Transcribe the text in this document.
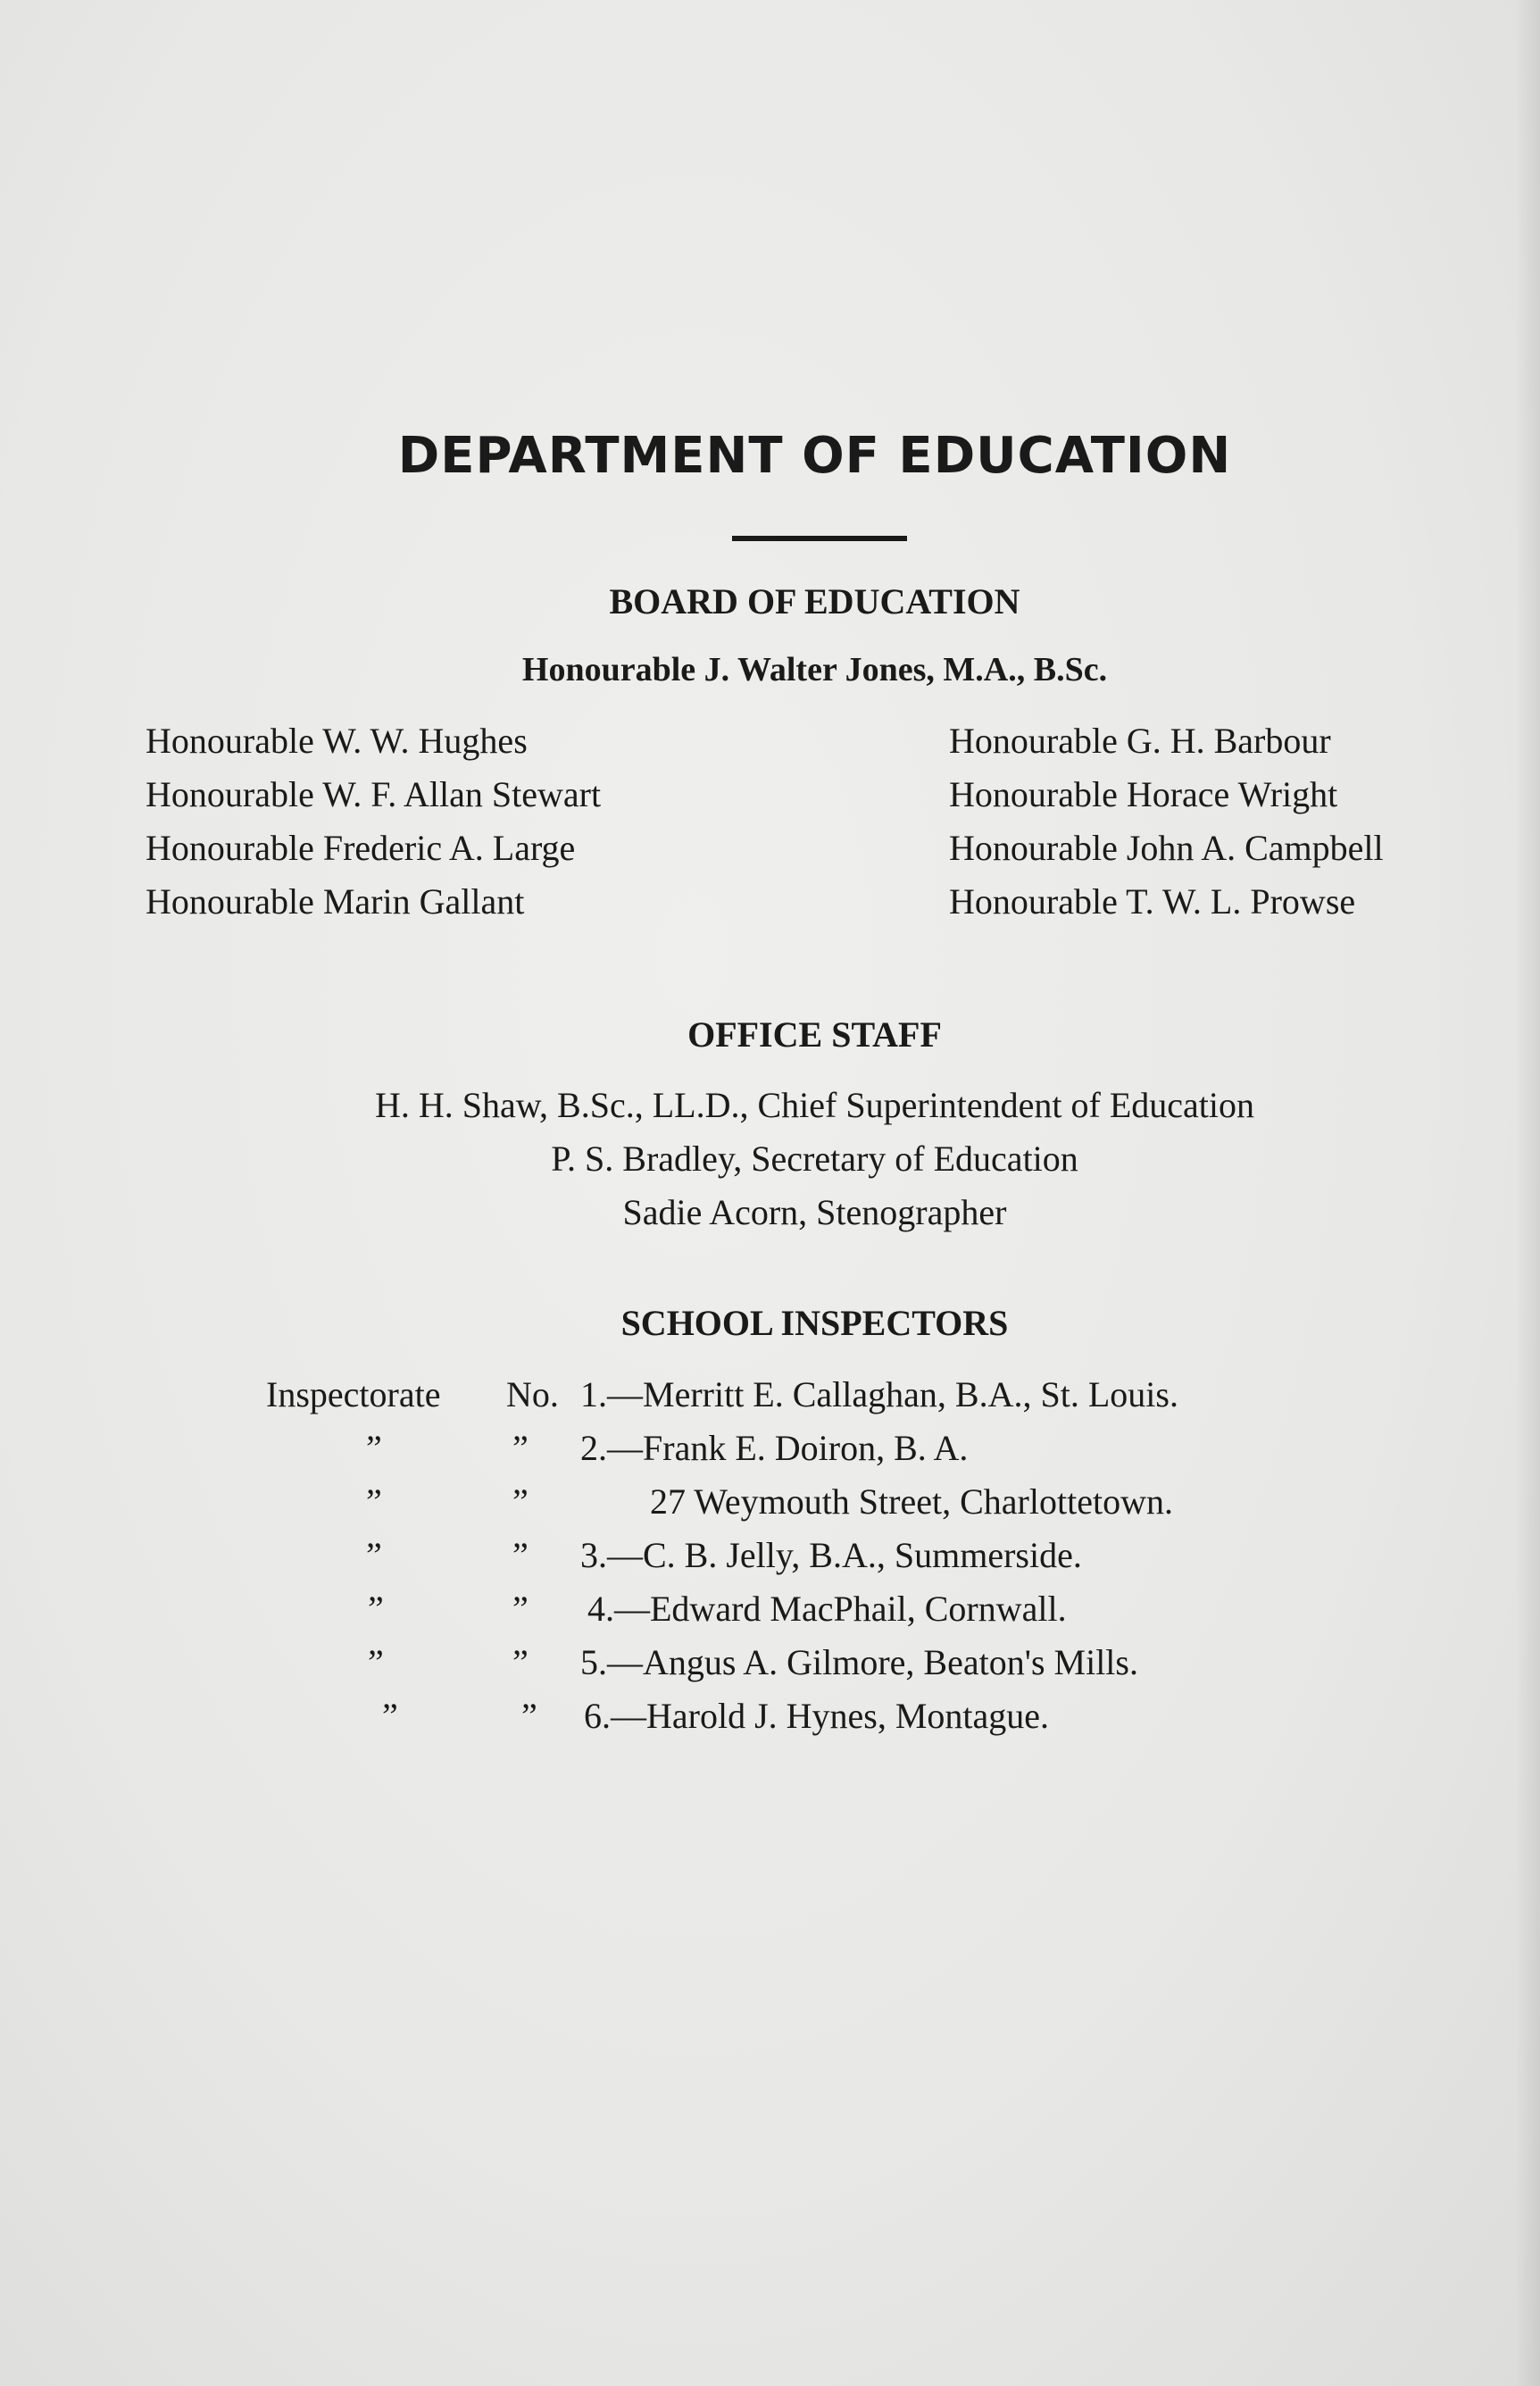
DEPARTMENT OF EDUCATION
BOARD OF EDUCATION
Honourable J. Walter Jones, M.A., B.Sc.
Honourable W. W. Hughes
Honourable W. F. Allan Stewart
Honourable Frederic A. Large
Honourable Marin Gallant
Honourable G. H. Barbour
Honourable Horace Wright
Honourable John A. Campbell
Honourable T. W. L. Prowse
OFFICE STAFF
H. H. Shaw, B.Sc., LL.D., Chief Superintendent of Education
P. S. Bradley, Secretary of Education
Sadie Acorn, Stenographer
SCHOOL INSPECTORS
Inspectorate No. 1.—Merritt E. Callaghan, B.A., St. Louis.
”	” 2.—Frank E. Doiron, B. A.
”	”	27 Weymouth Street, Charlottetown.
”	” 3.—C. B. Jelly, B.A., Summerside.
”	” 4.—Edward MacPhail, Cornwall.
”	” 5.—Angus A. Gilmore, Beaton's Mills.
”	” 6.—Harold J. Hynes, Montague.
